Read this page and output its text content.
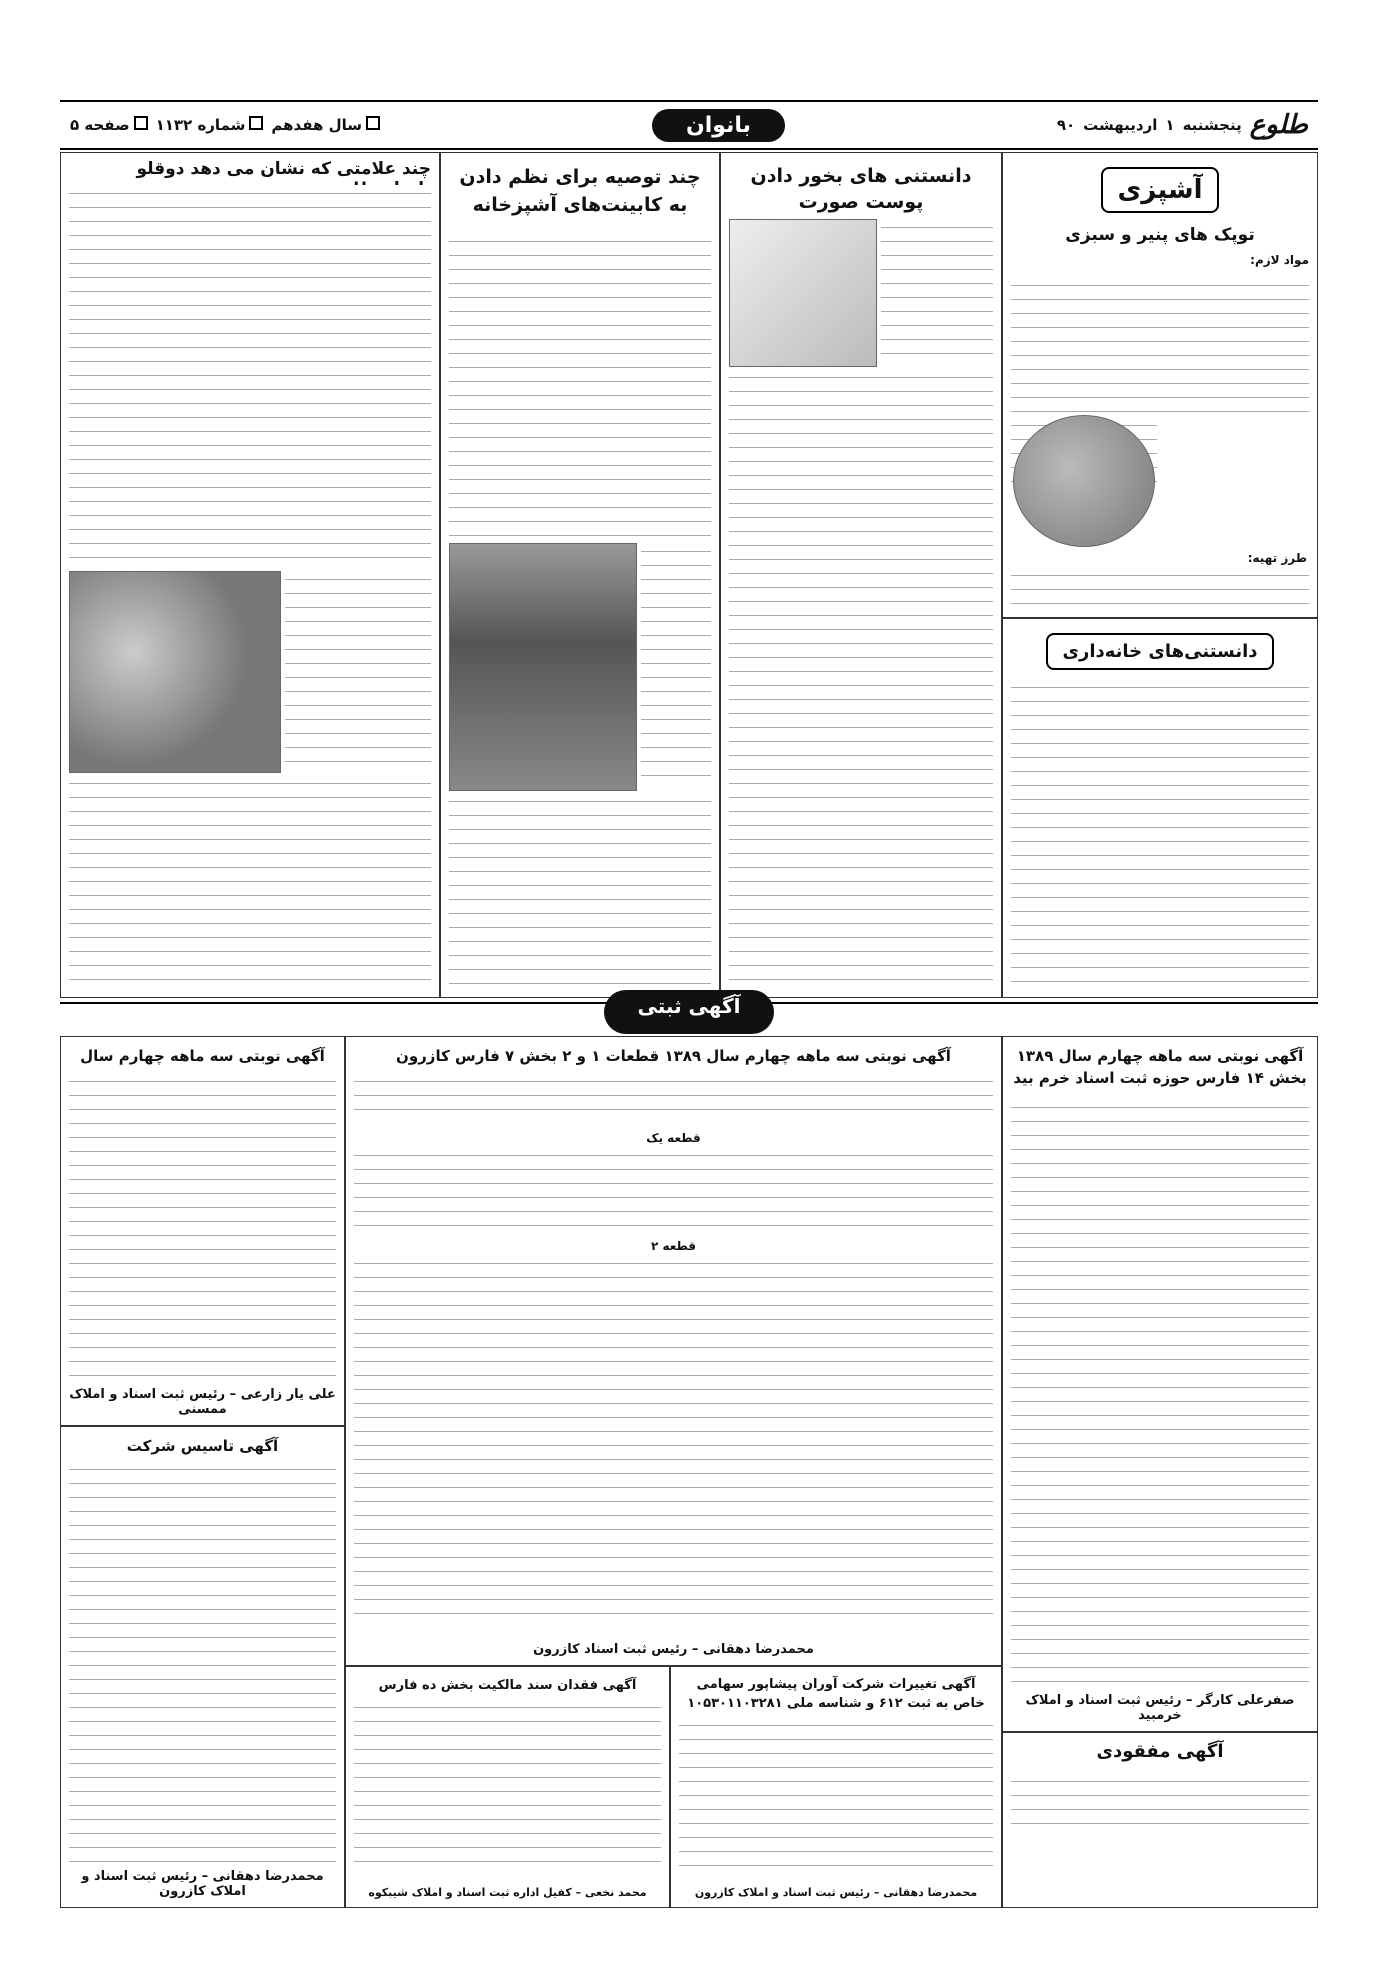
طلوع
پنجشنبه
۱
اردیبهشت
۹۰
بانوان
سال هفدهم
شماره ۱۱۳۲
صفحه ۵
آشپزی
توپک های پنیر و سبزی
مواد لازم:
طرز تهیه:
دانستنی‌های خانه‌داری
دانستنی های بخور دادن پوست صورت
چند توصیه برای نظم دادن به کابینت‌های آشپزخانه
چند علامتی که نشان می دهد دوقلو
آگهی ثبتی
آگهی نوبتی سه ماهه چهارم سال ۱۳۸۹
بخش ۱۴ فارس حوزه ثبت اسناد خرم بید
صفرعلی کارگر – رئیس ثبت اسناد و املاک خرمبید
آگهی مفقودی
آگهی نوبتی سه ماهه چهارم سال ۱۳۸۹ قطعات ۱ و ۲ بخش ۷ فارس کازرون
قطعه یک
قطعه ۲
محمدرضا دهقانی – رئیس ثبت اسناد کازرون
آگهی نوبتی سه ماهه چهارم سال
علی یار زارعی – رئیس ثبت اسناد و املاک ممسنی
آگهی تاسیس شرکت
محمدرضا دهقانی – رئیس ثبت اسناد و املاک کازرون
آگهی فقدان سند مالکیت بخش ده فارس
محمد نخعی – کفیل اداره ثبت اسناد و املاک شیبکوه
آگهی تغییرات شرکت آوران پیشاپور سهامی خاص به ثبت ۶۱۲ و شناسه ملی ۱۰۵۳۰۱۱۰۳۲۸۱
محمدرضا دهقانی – رئیس ثبت اسناد و املاک کازرون
